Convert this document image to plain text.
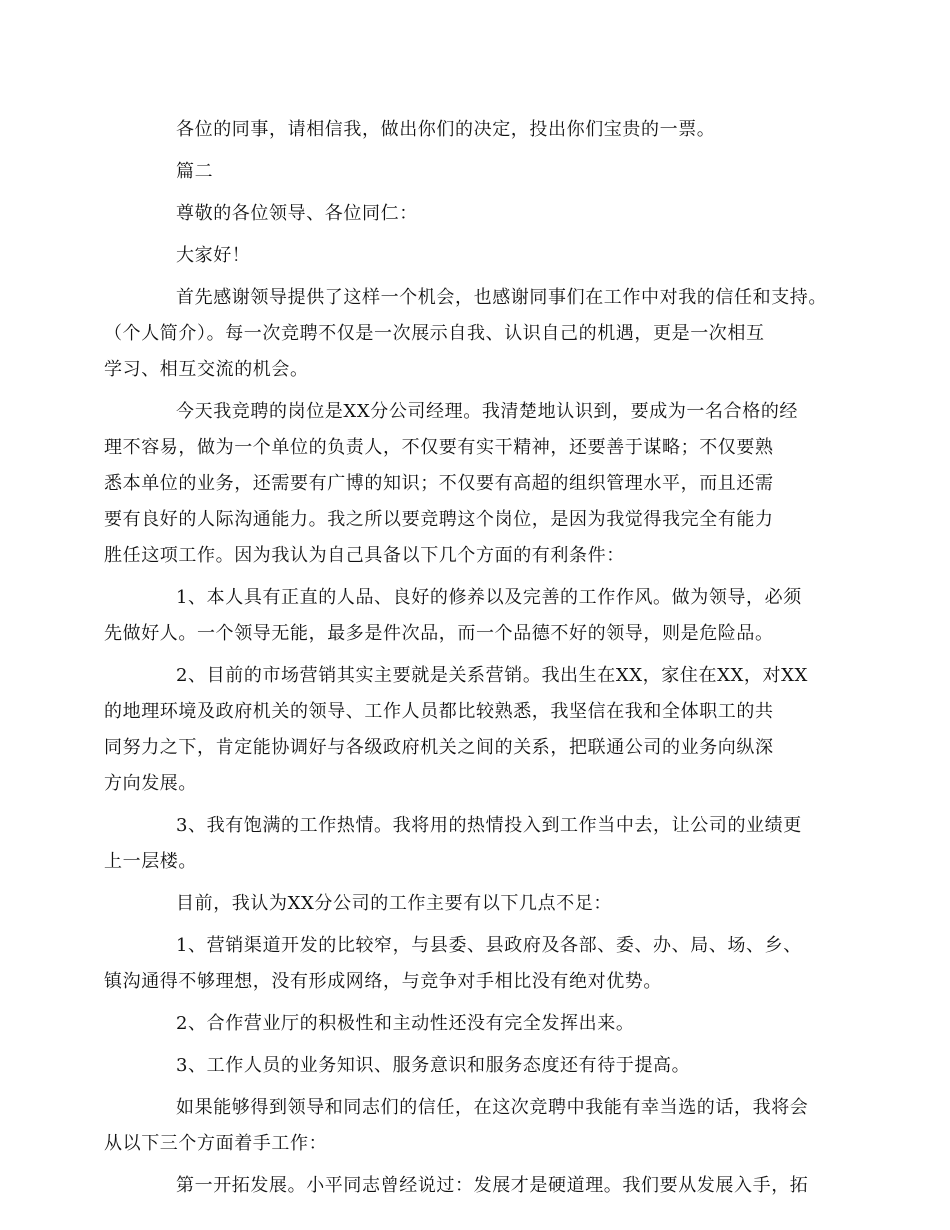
各位的同事，请相信我，做出你们的决定，投出你们宝贵的一票。
篇二
尊敬的各位领导、各位同仁：
大家好！
首先感谢领导提供了这样一个机会，也感谢同事们在工作中对我的信任和支持。
（个人简介）。每一次竞聘不仅是一次展示自我、认识自己的机遇，更是一次相互
学习、相互交流的机会。
今天我竞聘的岗位是XX分公司经理。我清楚地认识到，要成为一名合格的经
理不容易，做为一个单位的负责人，不仅要有实干精神，还要善于谋略；不仅要熟
悉本单位的业务，还需要有广博的知识；不仅要有高超的组织管理水平，而且还需
要有良好的人际沟通能力。我之所以要竞聘这个岗位，是因为我觉得我完全有能力
胜任这项工作。因为我认为自己具备以下几个方面的有利条件：
1、本人具有正直的人品、良好的修养以及完善的工作作风。做为领导，必须
先做好人。一个领导无能，最多是件次品，而一个品德不好的领导，则是危险品。
2、目前的市场营销其实主要就是关系营销。我出生在XX，家住在XX，对XX
的地理环境及政府机关的领导、工作人员都比较熟悉，我坚信在我和全体职工的共
同努力之下，肯定能协调好与各级政府机关之间的关系，把联通公司的业务向纵深
方向发展。
3、我有饱满的工作热情。我将用的热情投入到工作当中去，让公司的业绩更
上一层楼。
目前，我认为XX分公司的工作主要有以下几点不足：
1、营销渠道开发的比较窄，与县委、县政府及各部、委、办、局、场、乡、
镇沟通得不够理想，没有形成网络，与竞争对手相比没有绝对优势。
2、合作营业厅的积极性和主动性还没有完全发挥出来。
3、工作人员的业务知识、服务意识和服务态度还有待于提高。
如果能够得到领导和同志们的信任，在这次竞聘中我能有幸当选的话，我将会
从以下三个方面着手工作：
第一开拓发展。小平同志曾经说过：发展才是硬道理。我们要从发展入手，拓
